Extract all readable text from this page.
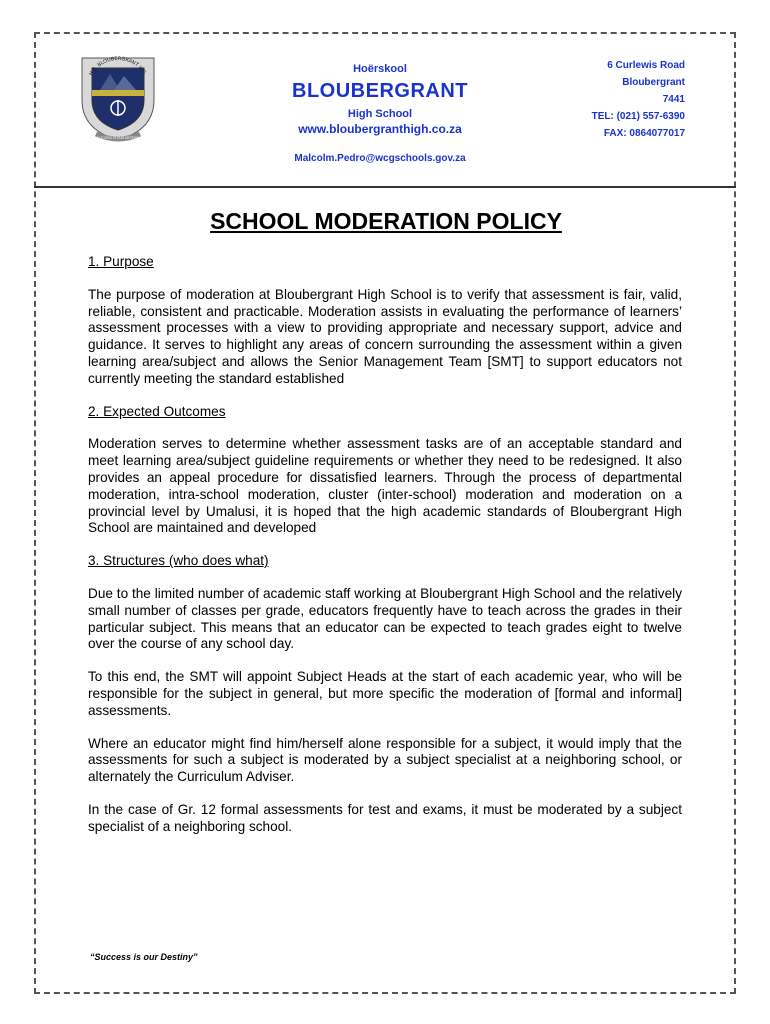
H.S. BLOUBERGRANT H.S.
SUCCESS IS OUR DESTINY
Hoërskool
BLOUBERGRANT
High School
www.bloubergranthigh.co.za
Malcolm.Pedro@wcgschools.gov.za
6 Curlewis Road
Bloubergrant
7441
TEL: (021) 557-6390
FAX: 0864077017
SCHOOL MODERATION POLICY
1. Purpose

The purpose of moderation at Bloubergrant High School is to verify that assessment is fair, valid, reliable, consistent and practicable. Moderation assists in evaluating the performance of learners’ assessment processes with a view to providing appropriate and necessary support, advice and guidance. It serves to highlight any areas of concern surrounding the assessment within a given learning area/subject and allows the Senior Management Team [SMT] to support educators not currently meeting the standard established

2. Expected Outcomes

Moderation serves to determine whether assessment tasks are of an acceptable standard and meet learning area/subject guideline requirements or whether they need to be redesigned. It also provides an appeal procedure for dissatisfied learners. Through the process of departmental moderation, intra-school moderation, cluster (inter-school) moderation and moderation on a provincial level by Umalusi, it is hoped that the high academic standards of Bloubergrant High School are maintained and developed

3. Structures (who does what)

Due to the limited number of academic staff working at Bloubergrant High School and the relatively small number of classes per grade, educators frequently have to teach across the grades in their particular subject. This means that an educator can be expected to teach grades eight to twelve over the course of any school day.

To this end, the SMT will appoint Subject Heads at the start of each academic year, who will be responsible for the subject in general, but more specific the moderation of [formal and informal] assessments.

Where an educator might find him/herself alone responsible for a subject, it would imply that the assessments for such a subject is moderated by a subject specialist at a neighboring school, or alternately the Curriculum Adviser.

In the case of Gr. 12 formal assessments for test and exams, it must be moderated by a subject specialist of a neighboring school.

“Success is our Destiny”
